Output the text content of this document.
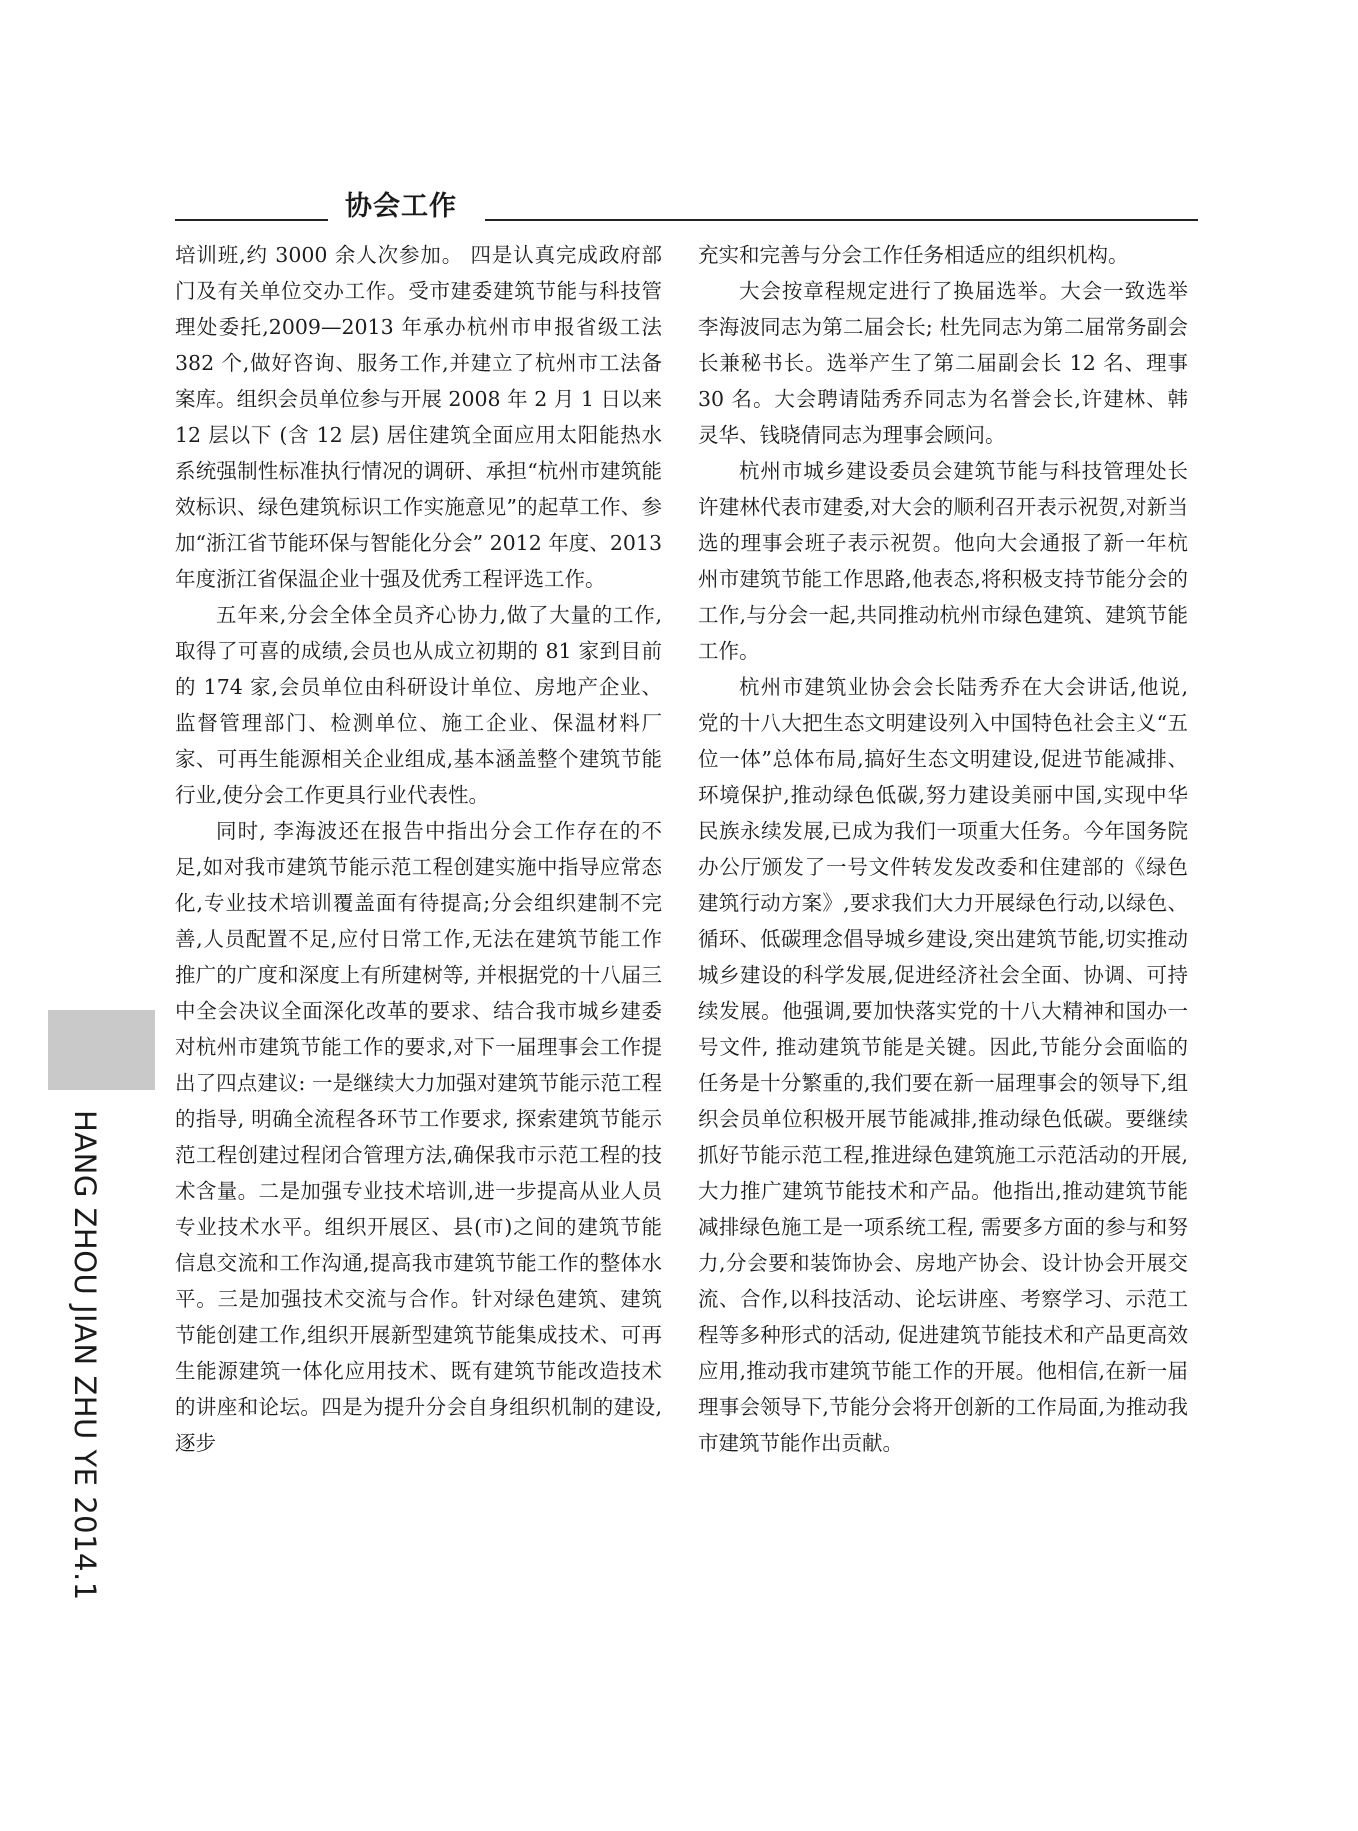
协会工作

培训班,约 3000 余人次参加。 四是认真完成政府部门及有关单位交办工作。受市建委建筑节能与科技管理处委托,2009—2013 年承办杭州市申报省级工法 382 个,做好咨询、服务工作,并建立了杭州市工法备案库。组织会员单位参与开展 2008 年 2 月 1 日以来 12 层以下 (含 12 层) 居住建筑全面应用太阳能热水系统强制性标准执行情况的调研、承担“杭州市建筑能效标识、绿色建筑标识工作实施意见”的起草工作、参加“浙江省节能环保与智能化分会” 2012 年度、2013 年度浙江省保温企业十强及优秀工程评选工作。

五年来,分会全体全员齐心协力,做了大量的工作,取得了可喜的成绩,会员也从成立初期的 81 家到目前的 174 家,会员单位由科研设计单位、房地产企业、监督管理部门、检测单位、施工企业、保温材料厂家、可再生能源相关企业组成,基本涵盖整个建筑节能行业,使分会工作更具行业代表性。

同时, 李海波还在报告中指出分会工作存在的不足,如对我市建筑节能示范工程创建实施中指导应常态化,专业技术培训覆盖面有待提高;分会组织建制不完善,人员配置不足,应付日常工作,无法在建筑节能工作推广的广度和深度上有所建树等, 并根据党的十八届三中全会决议全面深化改革的要求、结合我市城乡建委对杭州市建筑节能工作的要求,对下一届理事会工作提出了四点建议: 一是继续大力加强对建筑节能示范工程的指导, 明确全流程各环节工作要求, 探索建筑节能示范工程创建过程闭合管理方法,确保我市示范工程的技术含量。二是加强专业技术培训,进一步提高从业人员专业技术水平。组织开展区、县(市)之间的建筑节能信息交流和工作沟通,提高我市建筑节能工作的整体水平。三是加强技术交流与合作。针对绿色建筑、建筑节能创建工作,组织开展新型建筑节能集成技术、可再生能源建筑一体化应用技术、既有建筑节能改造技术的讲座和论坛。四是为提升分会自身组织机制的建设, 逐步

充实和完善与分会工作任务相适应的组织机构。

大会按章程规定进行了换届选举。大会一致选举李海波同志为第二届会长; 杜先同志为第二届常务副会长兼秘书长。选举产生了第二届副会长 12 名、理事 30 名。大会聘请陆秀乔同志为名誉会长,许建林、韩灵华、钱晓倩同志为理事会顾问。

杭州市城乡建设委员会建筑节能与科技管理处长许建林代表市建委,对大会的顺利召开表示祝贺,对新当选的理事会班子表示祝贺。他向大会通报了新一年杭州市建筑节能工作思路,他表态,将积极支持节能分会的工作,与分会一起,共同推动杭州市绿色建筑、建筑节能工作。

杭州市建筑业协会会长陆秀乔在大会讲话,他说, 党的十八大把生态文明建设列入中国特色社会主义“五位一体”总体布局,搞好生态文明建设,促进节能减排、环境保护,推动绿色低碳,努力建设美丽中国,实现中华民族永续发展,已成为我们一项重大任务。今年国务院办公厅颁发了一号文件转发发改委和住建部的《绿色建筑行动方案》,要求我们大力开展绿色行动,以绿色、循环、低碳理念倡导城乡建设,突出建筑节能,切实推动城乡建设的科学发展,促进经济社会全面、协调、可持续发展。他强调,要加快落实党的十八大精神和国办一号文件, 推动建筑节能是关键。因此,节能分会面临的任务是十分繁重的,我们要在新一届理事会的领导下,组织会员单位积极开展节能减排,推动绿色低碳。要继续抓好节能示范工程,推进绿色建筑施工示范活动的开展,大力推广建筑节能技术和产品。他指出,推动建筑节能减排绿色施工是一项系统工程, 需要多方面的参与和努力,分会要和装饰协会、房地产协会、设计协会开展交流、合作,以科技活动、论坛讲座、考察学习、示范工程等多种形式的活动, 促进建筑节能技术和产品更高效应用,推动我市建筑节能工作的开展。他相信,在新一届理事会领导下,节能分会将开创新的工作局面,为推动我市建筑节能作出贡献。

HANG ZHOU JIAN ZHU YE 2014.1
